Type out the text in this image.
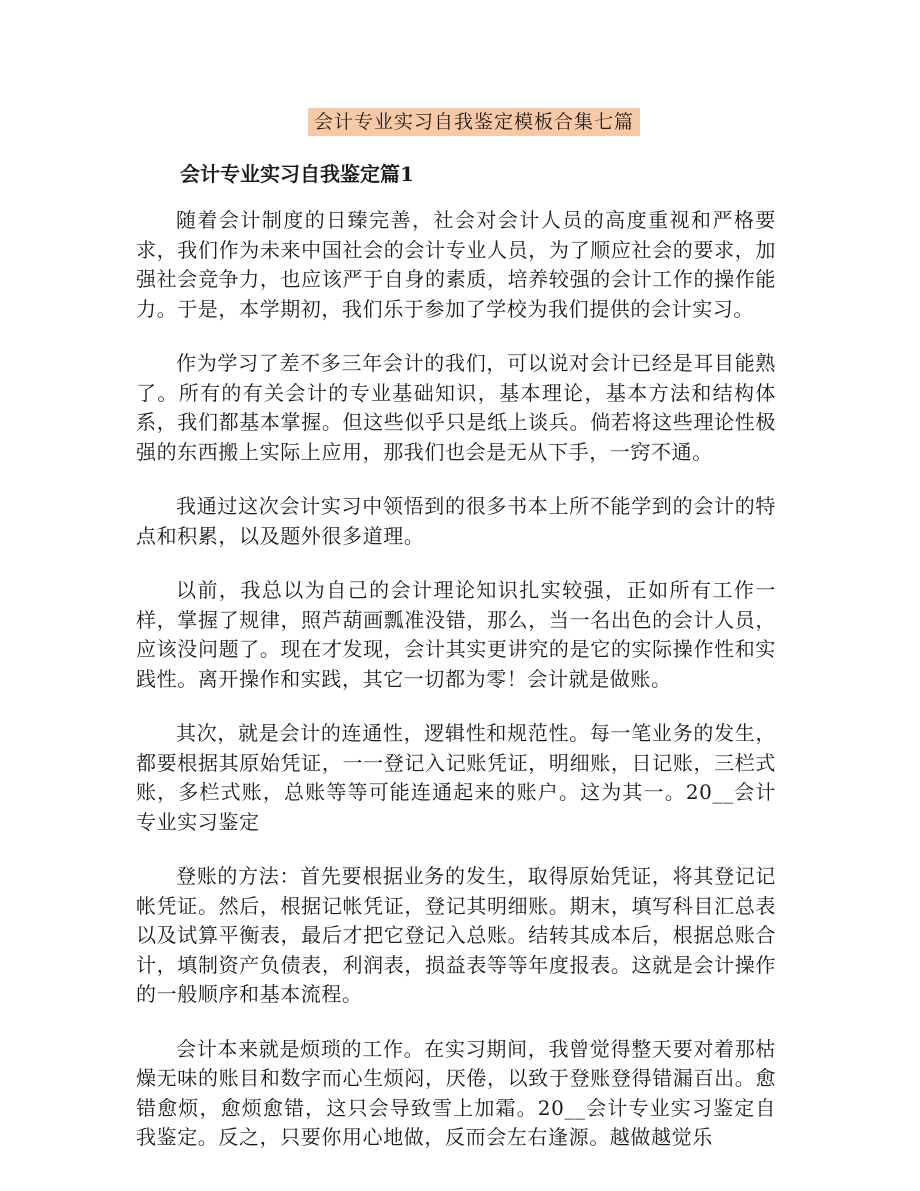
会计专业实习自我鉴定模板合集七篇
会计专业实习自我鉴定篇1

随着会计制度的日臻完善，社会对会计人员的高度重视和严格要求，我们作为未来中国社会的会计专业人员，为了顺应社会的要求，加强社会竞争力，也应该严于自身的素质，培养较强的会计工作的操作能力。于是，本学期初，我们乐于参加了学校为我们提供的会计实习。

作为学习了差不多三年会计的我们，可以说对会计已经是耳目能熟了。所有的有关会计的专业基础知识，基本理论，基本方法和结构体系，我们都基本掌握。但这些似乎只是纸上谈兵。倘若将这些理论性极强的东西搬上实际上应用，那我们也会是无从下手，一窍不通。

我通过这次会计实习中领悟到的很多书本上所不能学到的会计的特点和积累，以及题外很多道理。

以前，我总以为自己的会计理论知识扎实较强，正如所有工作一样，掌握了规律，照芦葫画瓢准没错，那么，当一名出色的会计人员，应该没问题了。现在才发现，会计其实更讲究的是它的实际操作性和实践性。离开操作和实践，其它一切都为零！会计就是做账。

其次，就是会计的连通性，逻辑性和规范性。每一笔业务的发生，都要根据其原始凭证，一一登记入记账凭证，明细账，日记账，三栏式账，多栏式账，总账等等可能连通起来的账户。这为其一。20__会计专业实习鉴定

登账的方法：首先要根据业务的发生，取得原始凭证，将其登记记帐凭证。然后，根据记帐凭证，登记其明细账。期末，填写科目汇总表以及试算平衡表，最后才把它登记入总账。结转其成本后，根据总账合计，填制资产负债表，利润表，损益表等等年度报表。这就是会计操作的一般顺序和基本流程。

会计本来就是烦琐的工作。在实习期间，我曾觉得整天要对着那枯燥无味的账目和数字而心生烦闷，厌倦，以致于登账登得错漏百出。愈错愈烦，愈烦愈错，这只会导致雪上加霜。20__会计专业实习鉴定自我鉴定。反之，只要你用心地做，反而会左右逢源。越做越觉乐
